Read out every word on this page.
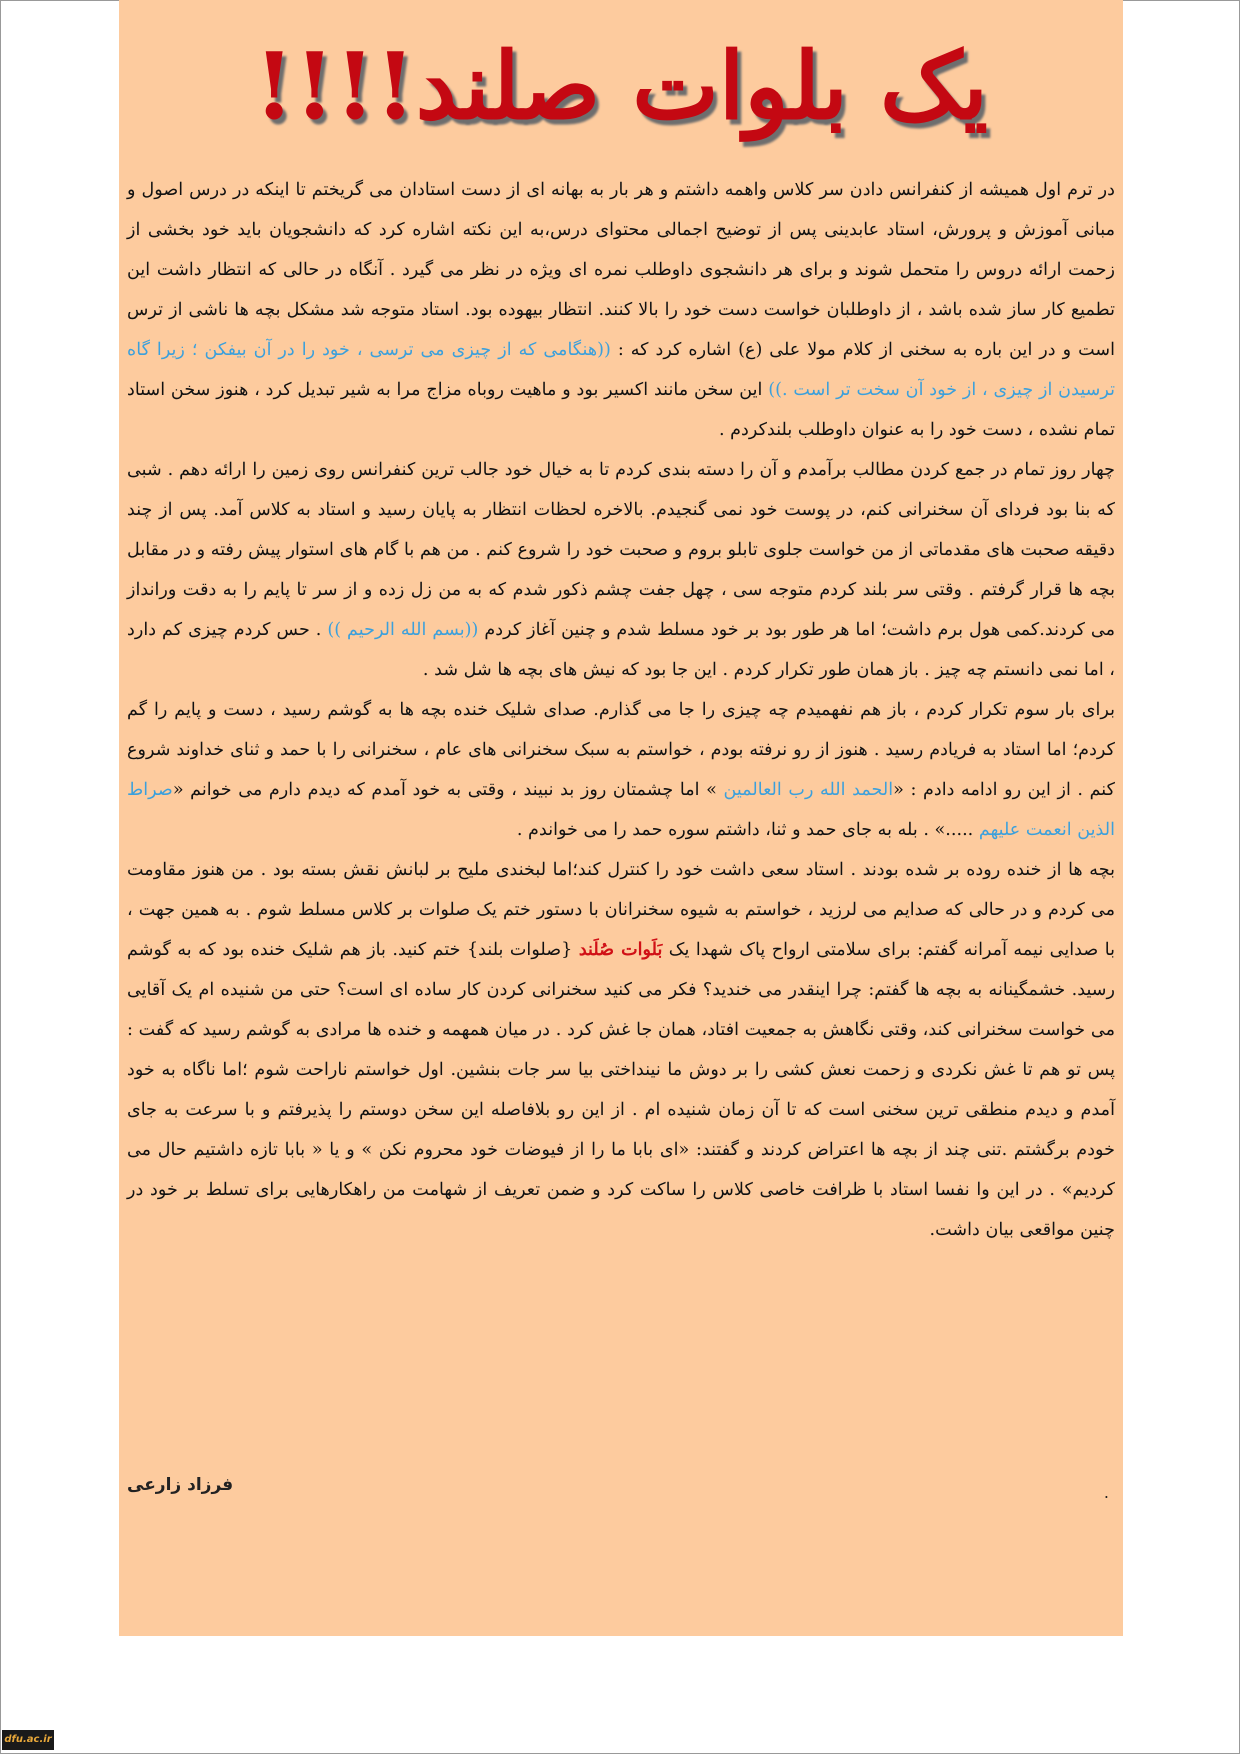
یک بلوات صلند!!!!

در ترم اول همیشه از کنفرانس دادن سر کلاس واهمه داشتم و هر بار به بهانه ای از دست استادان می گریختم تا اینکه در درس اصول و مبانی آموزش و پرورش، استاد عابدینی پس از توضیح اجمالی محتوای درس،به این نکته اشاره کرد که دانشجویان باید خود بخشی از زحمت ارائه دروس را متحمل شوند و برای هر دانشجوی داوطلب نمره ای ویژه در نظر می گیرد . آنگاه در حالی که انتظار داشت این تطمیع کار ساز شده باشد ، از داوطلبان خواست دست خود را بالا کنند. انتظار بیهوده بود. استاد متوجه شد مشکل بچه ها ناشی از ترس است و در این باره به سخنی از کلام مولا علی (ع) اشاره کرد که : ((هنگامی که از چیزی می ترسی ، خود را در آن بیفکن ؛ زیرا گاه ترسیدن از چیزی ، از خود آن سخت تر است .)) این سخن مانند اکسیر بود و ماهیت روباه مزاج مرا به شیر تبدیل کرد ، هنوز سخن استاد تمام نشده ، دست خود را به عنوان داوطلب بلندکردم .

چهار روز تمام در جمع کردن مطالب برآمدم و آن را دسته بندی کردم تا به خیال خود جالب ترین کنفرانس روی زمین را ارائه دهم . شبی که بنا بود فردای آن سخنرانی کنم، در پوست خود نمی گنجیدم. بالاخره لحظات انتظار به پایان رسید و استاد به کلاس آمد. پس از چند دقیقه صحبت های مقدماتی از من خواست جلوی تابلو بروم و صحبت خود را شروع کنم . من هم با گام های استوار پیش رفته و در مقابل بچه ها قرار گرفتم . وقتی سر بلند کردم متوجه سی ، چهل جفت چشم ذکور شدم که به من زل زده و از سر تا پایم را به دقت ورانداز می کردند.کمی هول برم داشت؛ اما هر طور بود بر خود مسلط شدم و چنین آغاز کردم ((بسم الله الرحیم )) . حس کردم چیزی کم دارد ، اما نمی دانستم چه چیز . باز همان طور تکرار کردم . این جا بود که نیش های بچه ها شل شد .

برای بار سوم تکرار کردم ، باز هم نفهمیدم چه چیزی را جا می گذارم. صدای شلیک خنده بچه ها به گوشم رسید ، دست و پایم را گم کردم؛ اما استاد به فریادم رسید . هنوز از رو نرفته بودم ، خواستم به سبک سخنرانی های عام ، سخنرانی را با حمد و ثنای خداوند شروع کنم . از این رو ادامه دادم : «الحمد الله رب العالمین » اما چشمتان روز بد نبیند ، وقتی به خود آمدم که دیدم دارم می خوانم «صراط الذین انعمت علیهم .....» . بله به جای حمد و ثنا، داشتم سوره حمد را می خواندم .

بچه ها از خنده روده بر شده بودند . استاد سعی داشت خود را کنترل کند؛اما لبخندی ملیح بر لبانش نقش بسته بود . من هنوز مقاومت می کردم و در حالی که صدایم می لرزید ، خواستم به شیوه سخنرانان با دستور ختم یک صلوات بر کلاس مسلط شوم . به همین جهت ، با صدایی نیمه آمرانه گفتم: برای سلامتی ارواح پاک شهدا یک بَلَوات صُلَند {صلوات بلند} ختم کنید. باز هم شلیک خنده بود که به گوشم رسید. خشمگینانه به بچه ها گفتم: چرا اینقدر می خندید؟ فکر می کنید سخنرانی کردن کار ساده ای است؟ حتی من شنیده ام یک آقایی می خواست سخنرانی کند، وقتی نگاهش به جمعیت افتاد، همان جا غش کرد . در میان همهمه و خنده ها مرادی به گوشم رسید که گفت : پس تو هم تا غش نکردی و زحمت نعش کشی را بر دوش ما نینداختی بیا سر جات بنشین. اول خواستم ناراحت شوم ؛اما ناگاه به خود آمدم و دیدم منطقی ترین سخنی است که تا آن زمان شنیده ام . از این رو بلافاصله این سخن دوستم را پذیرفتم و با سرعت به جای خودم برگشتم .تنی چند از بچه ها اعتراض کردند و گفتند: «ای بابا ما را از فیوضات خود محروم نکن » و یا « بابا تازه داشتیم حال می کردیم» . در این وا نفسا استاد با ظرافت خاصی کلاس را ساکت کرد و ضمن تعریف از شهامت من راهکارهایی برای تسلط بر خود در چنین مواقعی بیان داشت.

.
فرزاد زارعی
dfu.ac.ir
